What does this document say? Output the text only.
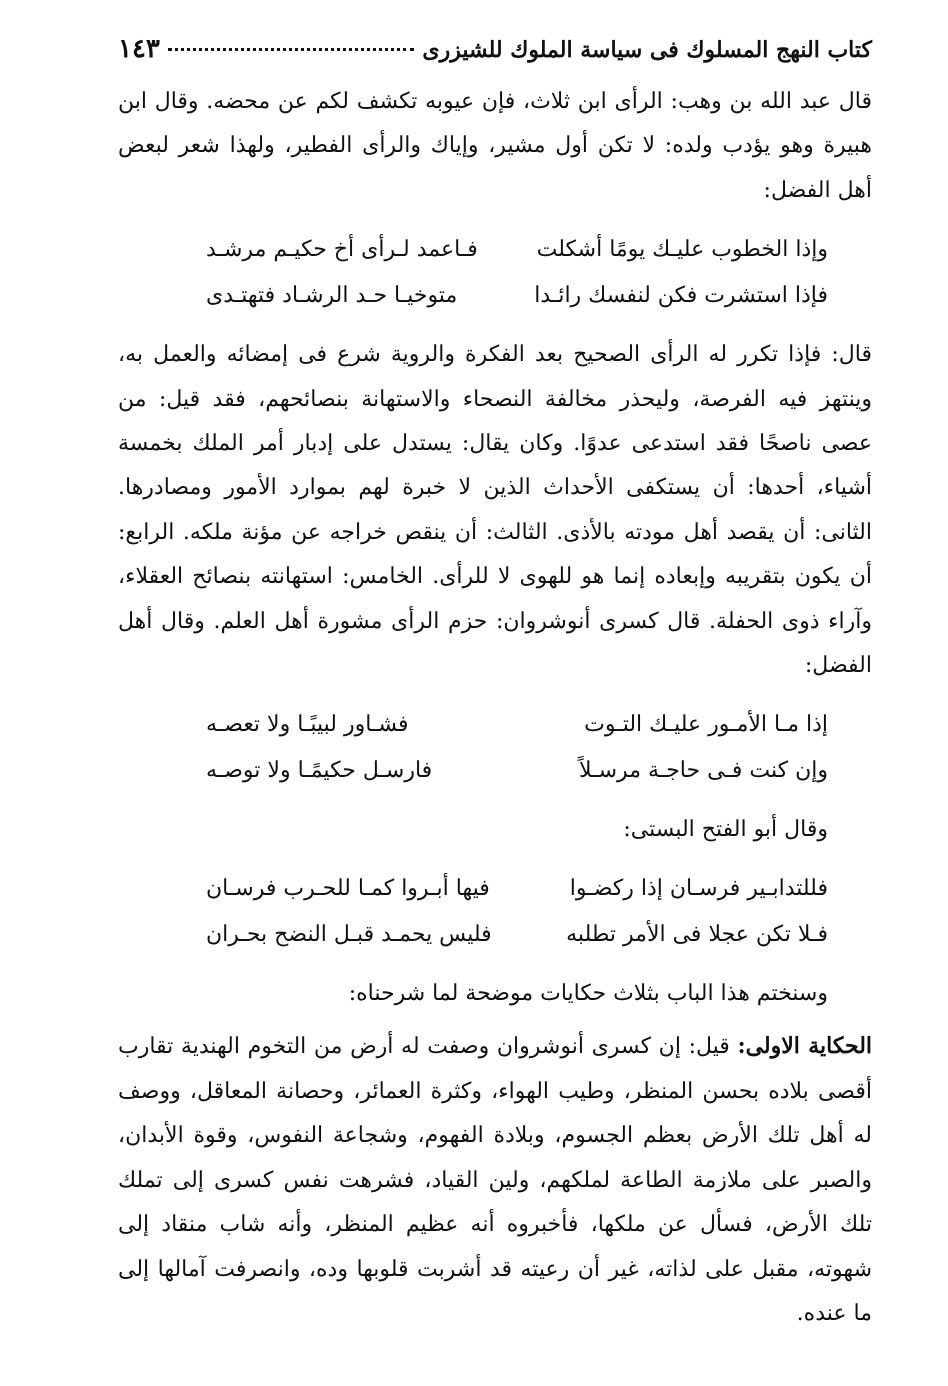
كتاب النهج المسلوك فى سياسة الملوك للشيزرى
١٤٣

قال عبد الله بن وهب: الرأى ابن ثلاث، فإن عيوبه تكشف لكم عن محضه. وقال ابن هبيرة وهو يؤدب ولده: لا تكن أول مشير، وإياك والرأى الفطير، ولهذا شعر لبعض أهل الفضل:

وإذا الخطوب عليـك يومًا أشكلت
فـاعمد لـرأى أخ حكيـم مرشـد
فإذا استشرت فكن لنفسك رائـدا
متوخيـا حـد الرشـاد فتهتـدى

قال: فإذا تكرر له الرأى الصحيح بعد الفكرة والروية شرع فى إمضائه والعمل به، وينتهز فيه الفرصة، وليحذر مخالفة النصحاء والاستهانة بنصائحهم، فقد قيل: من عصى ناصحًا فقد استدعى عدوًا. وكان يقال: يستدل على إدبار أمر الملك بخمسة أشياء، أحدها: أن يستكفى الأحداث الذين لا خبرة لهم بموارد الأمور ومصادرها. الثانى: أن يقصد أهل مودته بالأذى. الثالث: أن ينقص خراجه عن مؤنة ملكه. الرابع: أن يكون بتقريبه وإبعاده إنما هو للهوى لا للرأى. الخامس: استهانته بنصائح العقلاء، وآراء ذوى الحفلة. قال كسرى أنوشروان: حزم الرأى مشورة أهل العلم. وقال أهل الفضل:

إذا مـا الأمـور عليـك التـوت
فشـاور لبيبًـا ولا تعصـه
وإن كنت فـى حاجـة مرسـلاً
فارسـل حكيمًـا ولا توصـه

وقال أبو الفتح البستى:

فللتدابـير فرسـان إذا ركضـوا
فيها أبـروا كمـا للحـرب فرسـان
فـلا تكن عجلا فى الأمر تطلبه
فليس يحمـد قبـل النضح بحـران

وسنختم هذا الباب بثلاث حكايات موضحة لما شرحناه:

الحكاية الاولى: قيل: إن كسرى أنوشروان وصفت له أرض من التخوم الهندية تقارب أقصى بلاده بحسن المنظر، وطيب الهواء، وكثرة العمائر، وحصانة المعاقل، ووصف له أهل تلك الأرض بعظم الجسوم، وبلادة الفهوم، وشجاعة النفوس، وقوة الأبدان، والصبر على ملازمة الطاعة لملكهم، ولين القياد، فشرهت نفس كسرى إلى تملك تلك الأرض، فسأل عن ملكها، فأخبروه أنه عظيم المنظر، وأنه شاب منقاد إلى شهوته، مقبل على لذاته، غير أن رعيته قد أشربت قلوبها وده، وانصرفت آمالها إلى ما عنده.
